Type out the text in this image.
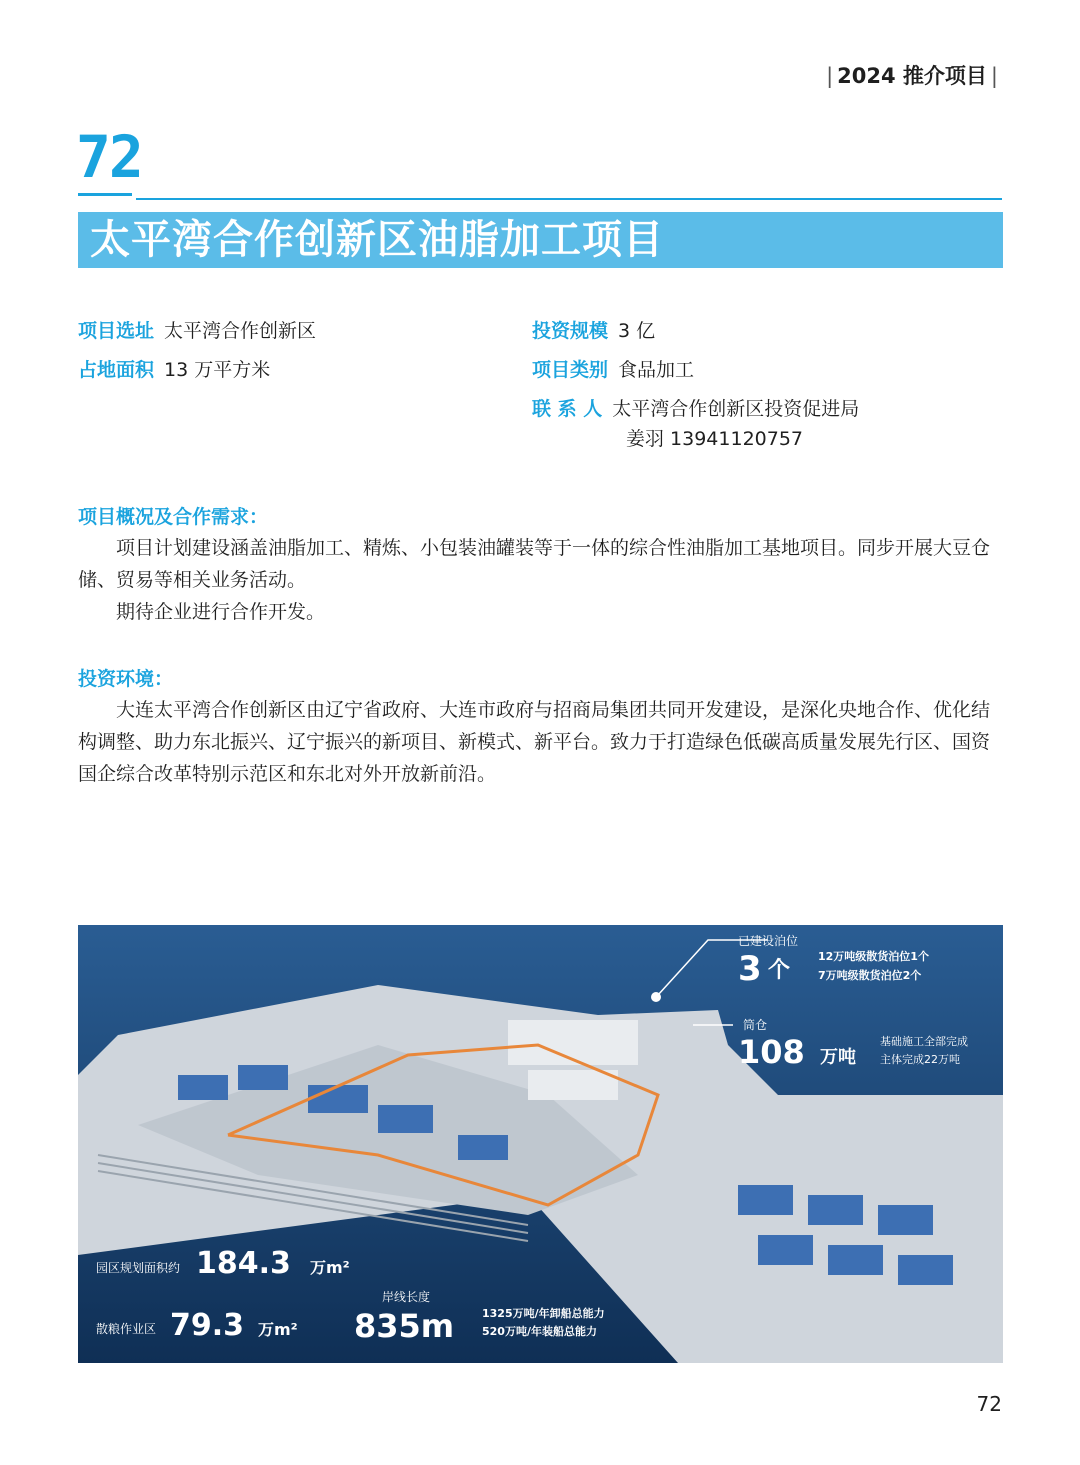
| 2024 推介项目 |
72
太平湾合作创新区油脂加工项目
项目选址 太平湾合作创新区
占地面积 13 万平方米
投资规模 3 亿
项目类别 食品加工
联 系 人 太平湾合作创新区投资促进局
姜羽 13941120757
项目概况及合作需求：

项目计划建设涵盖油脂加工、精炼、小包装油罐装等于一体的综合性油脂加工基地项目。同步开展大豆仓储、贸易等相关业务活动。

期待企业进行合作开发。

投资环境：

大连太平湾合作创新区由辽宁省政府、大连市政府与招商局集团共同开发建设，是深化央地合作、优化结构调整、助力东北振兴、辽宁振兴的新项目、新模式、新平台。致力于打造绿色低碳高质量发展先行区、国资国企综合改革特别示范区和东北对外开放新前沿。

已建设泊位
3 个
12万吨级散货泊位1个
7万吨级散货泊位2个
筒仓
108 万吨
基础施工全部完成
主体完成22万吨
园区规划面积约 184.3 万m²
散粮作业区 79.3 万m²
岸线长度
835m	1325万吨/年卸船总能力
520万吨/年装船总能力
72
